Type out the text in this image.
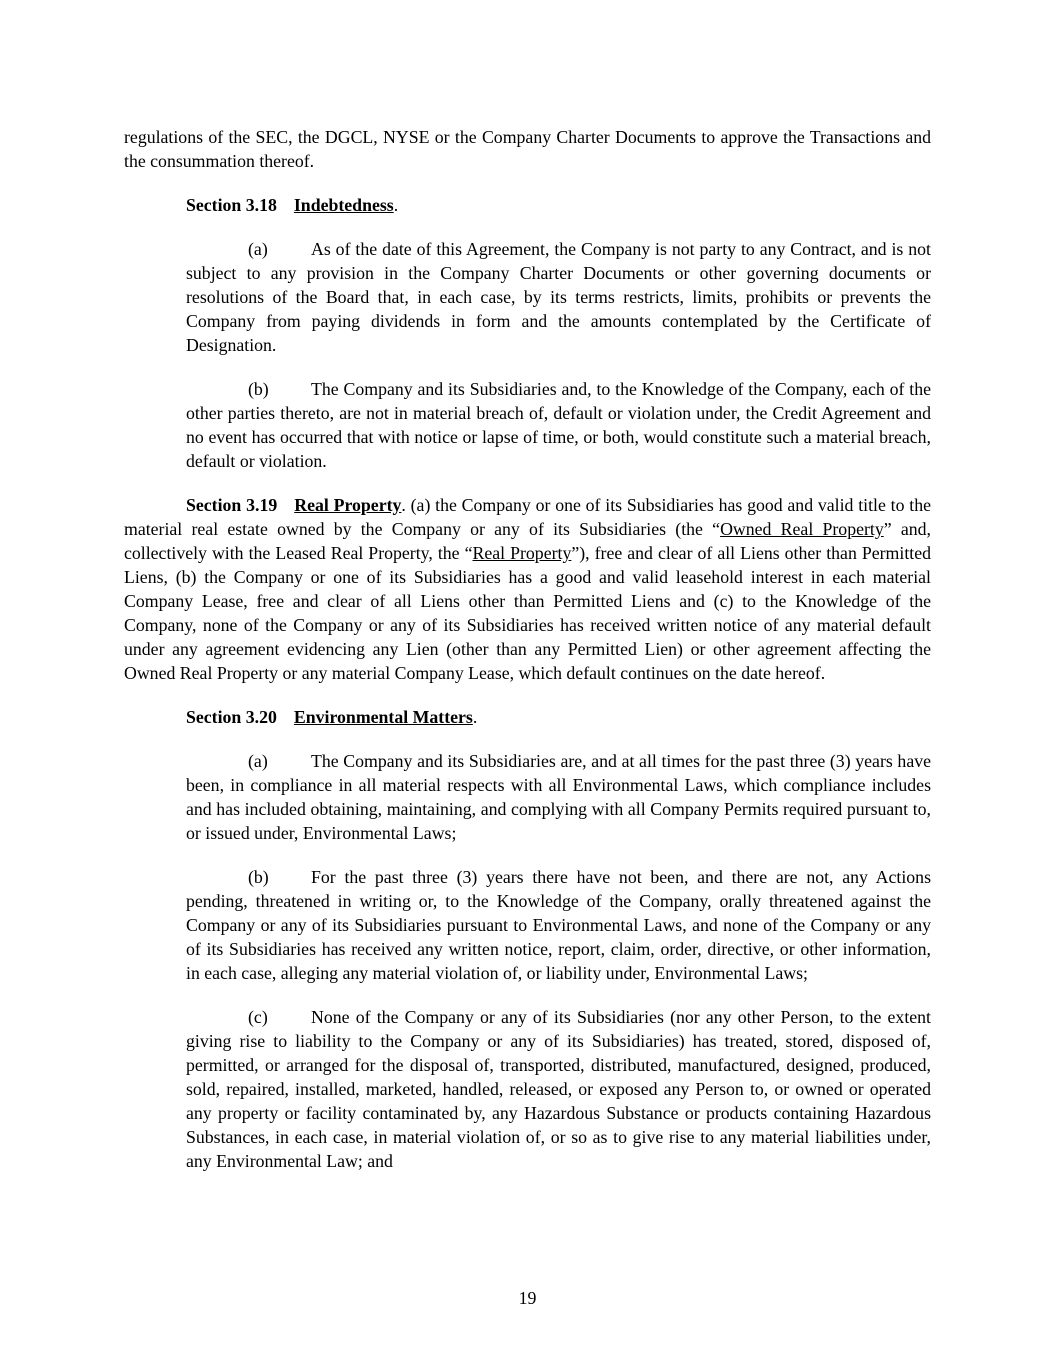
regulations of the SEC, the DGCL, NYSE or the Company Charter Documents to approve the Transactions and the consummation thereof.

Section 3.18 Indebtedness.

(a) As of the date of this Agreement, the Company is not party to any Contract, and is not subject to any provision in the Company Charter Documents or other governing documents or resolutions of the Board that, in each case, by its terms restricts, limits, prohibits or prevents the Company from paying dividends in form and the amounts contemplated by the Certificate of Designation.

(b) The Company and its Subsidiaries and, to the Knowledge of the Company, each of the other parties thereto, are not in material breach of, default or violation under, the Credit Agreement and no event has occurred that with notice or lapse of time, or both, would constitute such a material breach, default or violation.

Section 3.19 Real Property. (a) the Company or one of its Subsidiaries has good and valid title to the material real estate owned by the Company or any of its Subsidiaries (the “Owned Real Property” and, collectively with the Leased Real Property, the “Real Property”), free and clear of all Liens other than Permitted Liens, (b) the Company or one of its Subsidiaries has a good and valid leasehold interest in each material Company Lease, free and clear of all Liens other than Permitted Liens and (c) to the Knowledge of the Company, none of the Company or any of its Subsidiaries has received written notice of any material default under any agreement evidencing any Lien (other than any Permitted Lien) or other agreement affecting the Owned Real Property or any material Company Lease, which default continues on the date hereof.

Section 3.20 Environmental Matters.

(a) The Company and its Subsidiaries are, and at all times for the past three (3) years have been, in compliance in all material respects with all Environmental Laws, which compliance includes and has included obtaining, maintaining, and complying with all Company Permits required pursuant to, or issued under, Environmental Laws;

(b) For the past three (3) years there have not been, and there are not, any Actions pending, threatened in writing or, to the Knowledge of the Company, orally threatened against the Company or any of its Subsidiaries pursuant to Environmental Laws, and none of the Company or any of its Subsidiaries has received any written notice, report, claim, order, directive, or other information, in each case, alleging any material violation of, or liability under, Environmental Laws;

(c) None of the Company or any of its Subsidiaries (nor any other Person, to the extent giving rise to liability to the Company or any of its Subsidiaries) has treated, stored, disposed of, permitted, or arranged for the disposal of, transported, distributed, manufactured, designed, produced, sold, repaired, installed, marketed, handled, released, or exposed any Person to, or owned or operated any property or facility contaminated by, any Hazardous Substance or products containing Hazardous Substances, in each case, in material violation of, or so as to give rise to any material liabilities under, any Environmental Law; and

19
